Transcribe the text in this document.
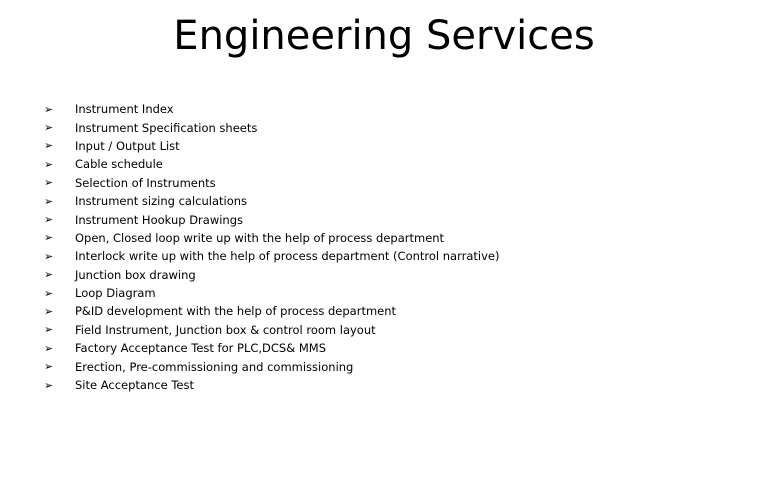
Engineering Services
➢	Instrument Index
➢	Instrument Specification sheets
➢	Input / Output List
➢	Cable schedule
➢	Selection of Instruments
➢	Instrument sizing calculations
➢	Instrument Hookup Drawings
➢	Open, Closed loop write up with the help of process department
➢	Interlock write up with the help of process department (Control narrative)
➢	Junction box drawing
➢	Loop Diagram
➢	P&ID development with the help of process department
➢	Field Instrument, Junction box & control room layout
➢	Factory Acceptance Test for PLC,DCS& MMS
➢	Erection, Pre-commissioning and commissioning
➢	Site Acceptance Test
